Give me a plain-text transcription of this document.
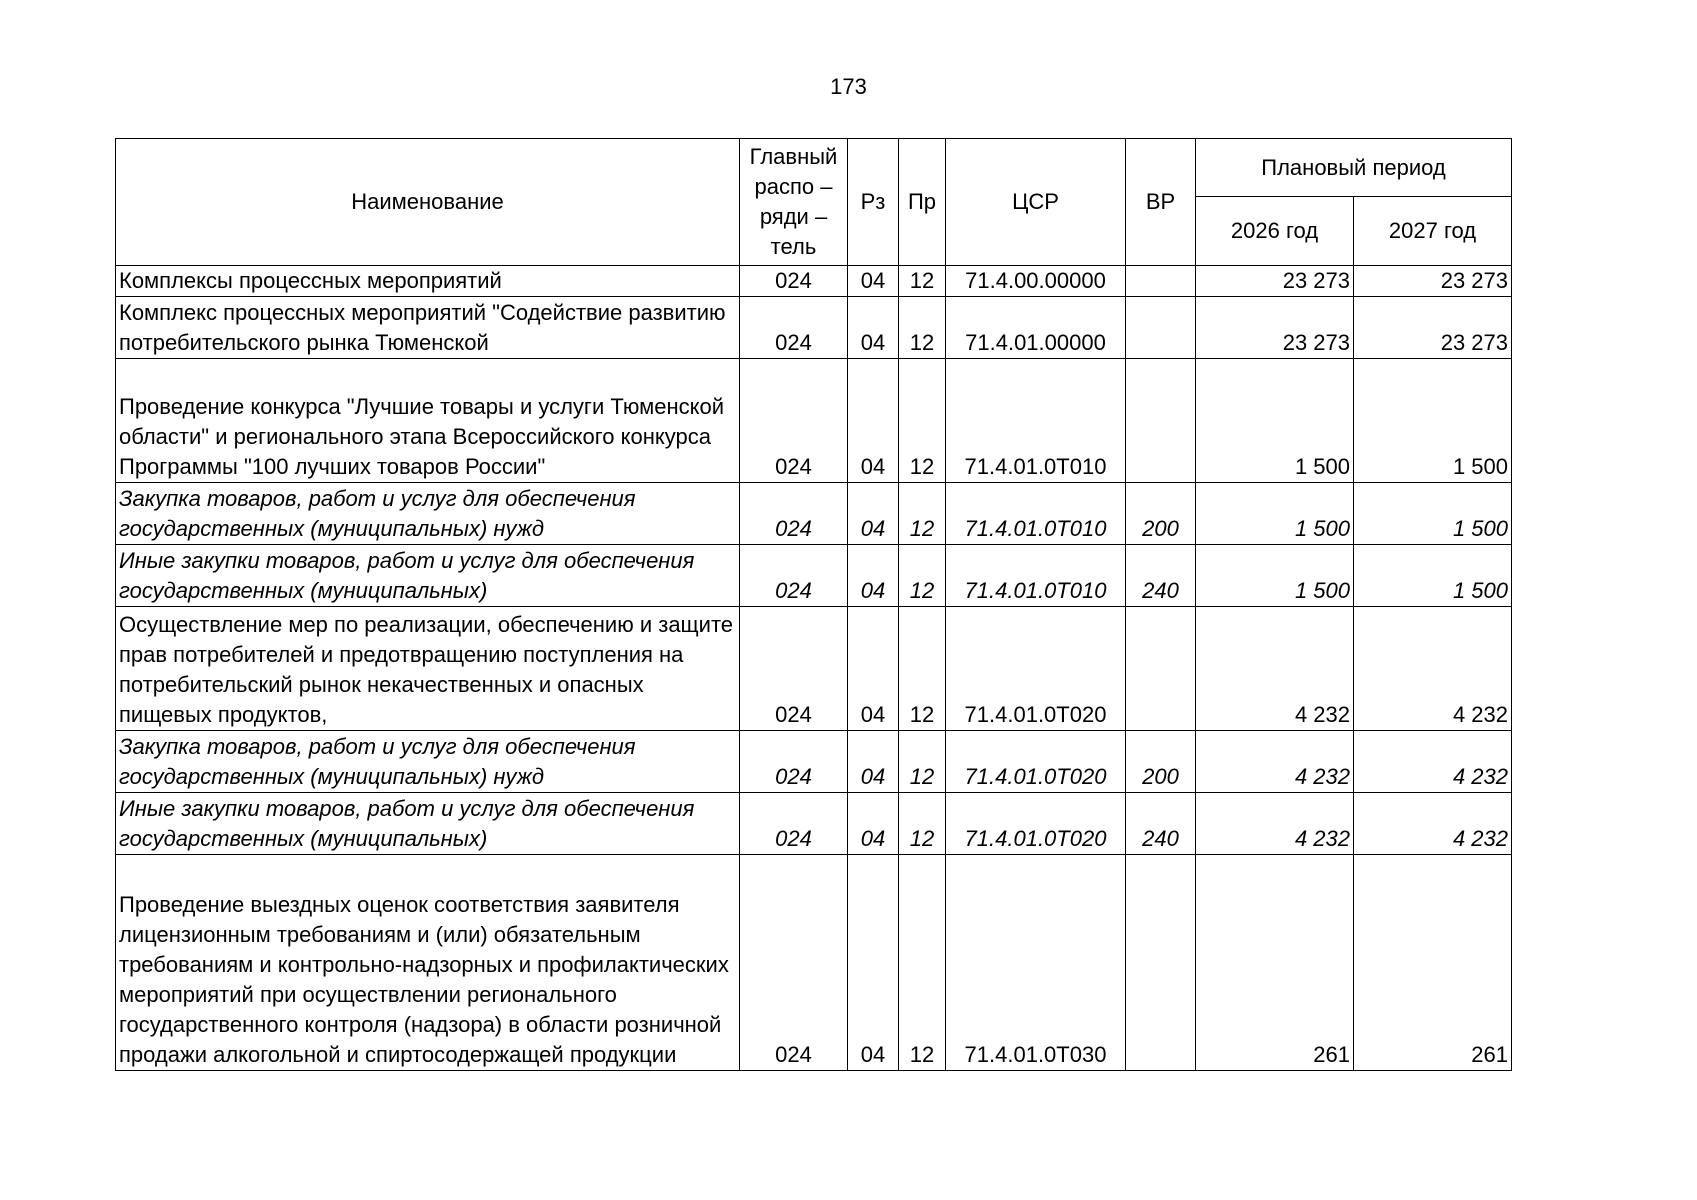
173
Наименование	Главный распо – ряди – тель	Рз	Пр	ЦСР	ВР	Плановый период	
						2026 год	2027 год
Комплексы процессных мероприятий	024	04	12	71.4.00.00000		23 273	23 273

Комплекс процессных мероприятий "Содействие развитию потребительского рынка Тюменской	024	04	12	71.4.01.00000		23 273	23 273
Проведение конкурса "Лучшие товары и услуги Тюменской области" и регионального этапа Всероссийского конкурса Программы "100 лучших товаров России"	024	04	12	71.4.01.0Т010		1 500	1 500
Закупка товаров, работ и услуг для обеспечения государственных (муниципальных) нужд	024	04	12	71.4.01.0Т010	200	1 500	1 500

Иные закупки товаров, работ и услуг для обеспечения государственных (муниципальных)	024	04	12	71.4.01.0Т010	240	1 500	1 500
Осуществление мер по реализации, обеспечению и защите прав потребителей и предотвращению поступления на потребительский рынок некачественных и опасных пищевых продуктов,	024	04	12	71.4.01.0Т020		4 232	4 232
Закупка товаров, работ и услуг для обеспечения государственных (муниципальных) нужд	024	04	12	71.4.01.0Т020	200	4 232	4 232

Иные закупки товаров, работ и услуг для обеспечения государственных (муниципальных)	024	04	12	71.4.01.0Т020	240	4 232	4 232
Проведение выездных оценок соответствия заявителя лицензионным требованиям и (или) обязательным требованиям и контрольно-надзорных и профилактических мероприятий при осуществлении регионального государственного контроля (надзора) в области розничной продажи алкогольной и спиртосодержащей продукции	024	04	12	71.4.01.0Т030		261	261
